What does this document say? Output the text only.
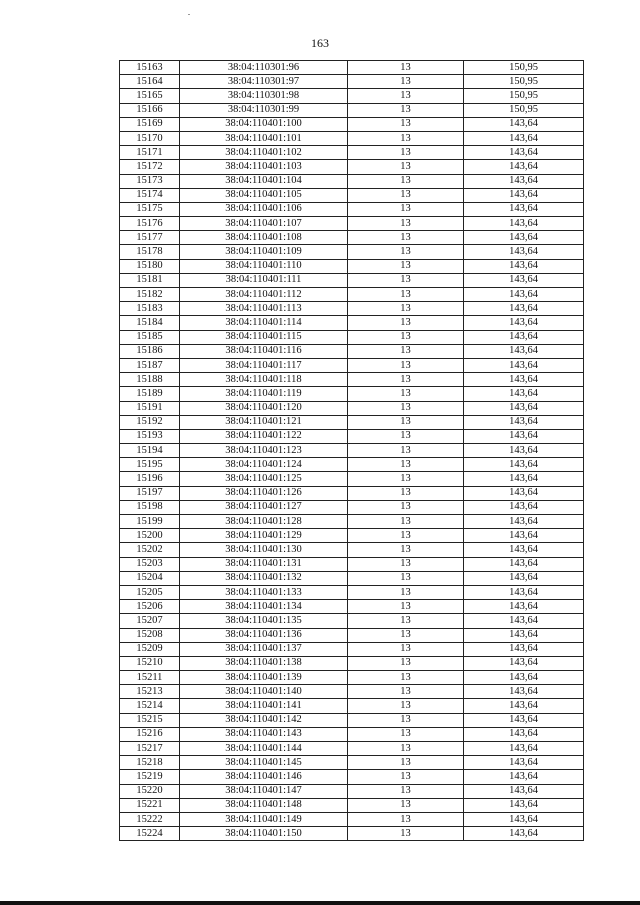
163
15163	38:04:110301:96	13	150,95
15164	38:04:110301:97	13	150,95
15165	38:04:110301:98	13	150,95
15166	38:04:110301:99	13	150,95
15169	38:04:110401:100	13	143,64
15170	38:04:110401:101	13	143,64
15171	38:04:110401:102	13	143,64
15172	38:04:110401:103	13	143,64
15173	38:04:110401:104	13	143,64
15174	38:04:110401:105	13	143,64
15175	38:04:110401:106	13	143,64
15176	38:04:110401:107	13	143,64
15177	38:04:110401:108	13	143,64
15178	38:04:110401:109	13	143,64
15180	38:04:110401:110	13	143,64
15181	38:04:110401:111	13	143,64
15182	38:04:110401:112	13	143,64
15183	38:04:110401:113	13	143,64
15184	38:04:110401:114	13	143,64
15185	38:04:110401:115	13	143,64
15186	38:04:110401:116	13	143,64
15187	38:04:110401:117	13	143,64
15188	38:04:110401:118	13	143,64
15189	38:04:110401:119	13	143,64
15191	38:04:110401:120	13	143,64
15192	38:04:110401:121	13	143,64
15193	38:04:110401:122	13	143,64
15194	38:04:110401:123	13	143,64
15195	38:04:110401:124	13	143,64
15196	38:04:110401:125	13	143,64
15197	38:04:110401:126	13	143,64
15198	38:04:110401:127	13	143,64
15199	38:04:110401:128	13	143,64
15200	38:04:110401:129	13	143,64
15202	38:04:110401:130	13	143,64
15203	38:04:110401:131	13	143,64
15204	38:04:110401:132	13	143,64
15205	38:04:110401:133	13	143,64
15206	38:04:110401:134	13	143,64
15207	38:04:110401:135	13	143,64
15208	38:04:110401:136	13	143,64
15209	38:04:110401:137	13	143,64
15210	38:04:110401:138	13	143,64
15211	38:04:110401:139	13	143,64
15213	38:04:110401:140	13	143,64
15214	38:04:110401:141	13	143,64
15215	38:04:110401:142	13	143,64
15216	38:04:110401:143	13	143,64
15217	38:04:110401:144	13	143,64
15218	38:04:110401:145	13	143,64
15219	38:04:110401:146	13	143,64
15220	38:04:110401:147	13	143,64
15221	38:04:110401:148	13	143,64
15222	38:04:110401:149	13	143,64
15224	38:04:110401:150	13	143,64
